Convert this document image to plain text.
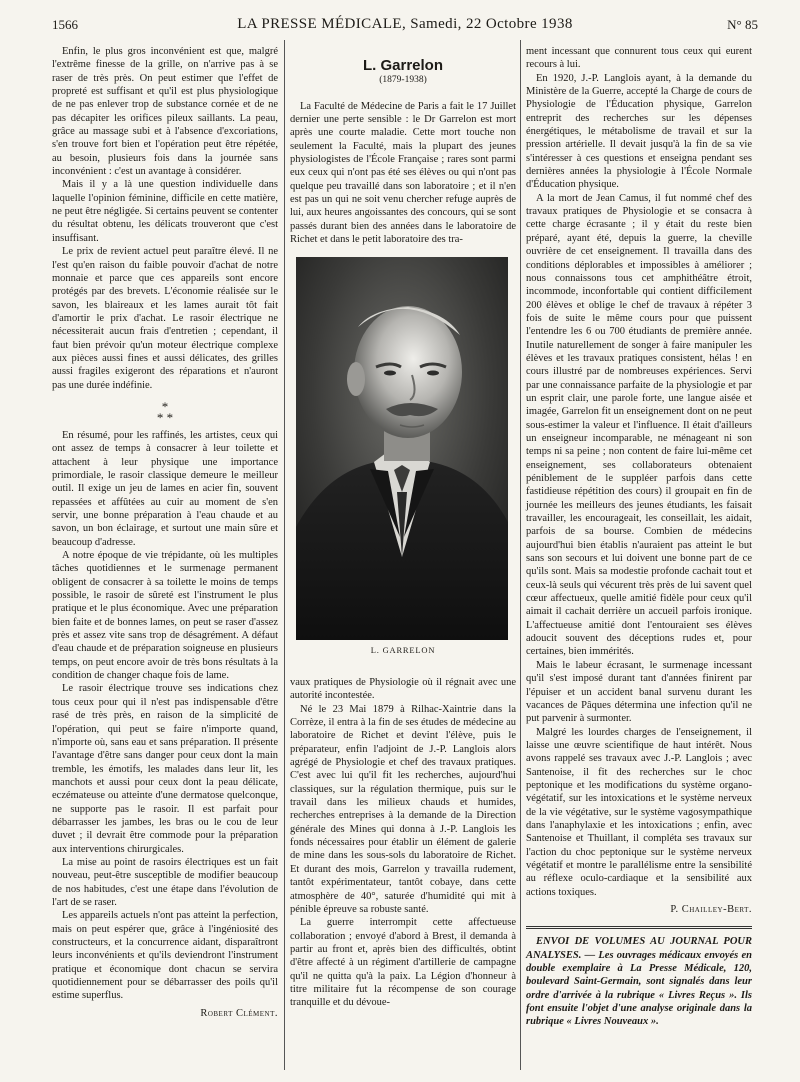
1566	LA PRESSE MÉDICALE, Samedi, 22 Octobre 1938	N° 85

Enfin, le plus gros inconvénient est que, malgré l'extrême finesse de la grille, on n'arrive pas à se raser de très près. On peut estimer que l'effet de propreté est suffisant et qu'il est plus physiologique de ne pas enlever trop de substance cornée et de ne pas décapiter les orifices pileux saillants. La peau, grâce au massage subi et à l'absence d'excoriations, s'en trouve fort bien et l'opération peut être répétée, au besoin, plusieurs fois dans la journée sans inconvénient : c'est un avantage à considérer.

Mais il y a là une question individuelle dans laquelle l'opinion féminine, difficile en cette matière, ne peut être négligée. Si certains peuvent se contenter du résultat obtenu, les délicats trouveront que c'est insuffisant.

Le prix de revient actuel peut paraître élevé. Il ne l'est qu'en raison du faible pouvoir d'achat de notre monnaie et parce que ces appareils sont encore protégés par des brevets. L'économie réalisée sur le savon, les blaireaux et les lames aurait tôt fait d'amortir le prix d'achat. Le rasoir électrique ne nécessiterait aucun frais d'entretien ; cependant, il faut bien prévoir qu'un moteur électrique complexe aux pièces aussi fines et aussi délicates, des grilles aussi fragiles exigeront des réparations et n'auront pas une durée indéfinie.

*
* *

En résumé, pour les raffinés, les artistes, ceux qui ont assez de temps à consacrer à leur toilette et attachent à leur physique une importance primordiale, le rasoir classique demeure le meilleur outil. Il exige un jeu de lames en acier fin, souvent repassées et affûtées au cuir au moment de s'en servir, une bonne préparation à l'eau chaude et au savon, un bon éclairage, et surtout une main sûre et beaucoup d'adresse.

A notre époque de vie trépidante, où les multiples tâches quotidiennes et le surmenage permanent obligent de consacrer à sa toilette le moins de temps possible, le rasoir de sûreté est l'instrument le plus pratique et le plus économique. Avec une préparation bien faite et de bonnes lames, on peut se raser d'assez près et assez vite sans trop de désagrément. A défaut d'eau chaude et de préparation soigneuse en plusieurs temps, on peut encore avoir de très bons résultats à la condition de changer chaque fois de lame.

Le rasoir électrique trouve ses indications chez tous ceux pour qui il n'est pas indispensable d'être rasé de très près, en raison de la simplicité de l'opération, qui peut se faire n'importe quand, n'importe où, sans eau et sans préparation. Il présente l'avantage d'être sans danger pour ceux dont la main tremble, les émotifs, les malades dans leur lit, les manchots et aussi pour ceux dont la peau délicate, eczémateuse ou atteinte d'une dermatose quelconque, ne supporte pas le rasoir. Il est parfait pour débarrasser les jambes, les bras ou le cou de leur duvet ; il devrait être commode pour la préparation aux interventions chirurgicales.

La mise au point de rasoirs électriques est un fait nouveau, peut-être susceptible de modifier beaucoup de nos habitudes, c'est une étape dans l'évolution de l'art de se raser.

Les appareils actuels n'ont pas atteint la perfection, mais on peut espérer que, grâce à l'ingéniosité des constructeurs, et la concurrence aidant, disparaîtront leurs inconvénients et qu'ils deviendront l'instrument pratique et économique dont chacun se servira quotidiennement pour se débarrasser des poils qu'il estime superflus.

Robert Clément.
L. Garrelon
(1879-1938)

La Faculté de Médecine de Paris a fait le 17 Juillet dernier une perte sensible : le Dr Garrelon est mort après une courte maladie. Cette mort touche non seulement la Faculté, mais la plupart des jeunes physiologistes de l'École Française ; rares sont parmi eux ceux qui n'ont pas été ses élèves ou qui n'ont pas quelque peu travaillé dans son laboratoire ; et il n'en est pas un qui ne soit venu chercher refuge auprès de lui, aux heures angoissantes des concours, qui se sont passés durant bien des années dans le laboratoire de Richet et dans le petit laboratoire des tra-

L. GARRELON

vaux pratiques de Physiologie où il régnait avec une autorité incontestée.

Né le 23 Mai 1879 à Rilhac-Xaintrie dans la Corrèze, il entra à la fin de ses études de médecine au laboratoire de Richet et devint l'élève, puis le préparateur, enfin l'adjoint de J.-P. Langlois alors agrégé de Physiologie et chef des travaux pratiques. C'est avec lui qu'il fit les recherches, aujourd'hui classiques, sur la régulation thermique, puis sur le travail dans les milieux chauds et humides, recherches entreprises à la demande de la Direction générale des Mines qui donna à J.-P. Langlois les fonds nécessaires pour établir un élément de galerie de mine dans les sous-sols du laboratoire de Richet. Et durant des mois, Garrelon y travailla rudement, tantôt expérimentateur, tantôt cobaye, dans cette atmosphère de 40°, saturée d'humidité qui mit à pénible épreuve sa robuste santé.

La guerre interrompit cette affectueuse collaboration ; envoyé d'abord à Brest, il demanda à partir au front et, après bien des difficultés, obtint d'être affecté à un régiment d'artillerie de campagne qu'il ne quitta qu'à la paix. La Légion d'honneur à titre militaire fut la récompense de son courage tranquille et du dévoue-

ment incessant que connurent tous ceux qui eurent recours à lui.

En 1920, J.-P. Langlois ayant, à la demande du Ministère de la Guerre, accepté la Charge de cours de Physiologie de l'Éducation physique, Garrelon entreprit des recherches sur les dépenses énergétiques, le métabolisme de travail et sur la pression artérielle. Il devait jusqu'à la fin de sa vie s'intéresser à ces questions et enseigna pendant ses dernières années la physiologie à l'École Normale d'Éducation physique.

A la mort de Jean Camus, il fut nommé chef des travaux pratiques de Physiologie et se consacra à cette charge écrasante ; il y était du reste bien préparé, ayant été, depuis la guerre, la cheville ouvrière de cet enseignement. Il travailla dans des conditions déplorables et impossibles à améliorer ; nous connaissons tous cet amphithéâtre étroit, incommode, inconfortable qui contient difficilement 200 élèves et oblige le chef de travaux à répéter 3 fois de suite le même cours pour que puissent l'entendre les 6 ou 700 étudiants de première année. Inutile naturellement de songer à faire manipuler les élèves et les travaux pratiques consistent, hélas ! en cours illustré par de nombreuses expériences. Servi par une connaissance parfaite de la physiologie et par un esprit clair, une parole forte, une langue aisée et imagée, Garrelon fit un enseignement dont on ne peut sous-estimer la valeur et l'influence. Il était d'ailleurs un enseigneur incomparable, ne ménageant ni son temps ni sa peine ; non content de faire lui-même cet enseignement, ses collaborateurs obtenaient péniblement de le suppléer parfois dans cette fastidieuse répétition des cours) il groupait en fin de journée les meilleurs des jeunes étudiants, les faisait travailler, les encourageait, les conseillait, les aidait, parfois de sa bourse. Combien de médecins aujourd'hui bien établis n'auraient pas atteint le but sans son secours et lui doivent une bonne part de ce qu'ils sont. Mais sa modestie profonde cachait tout et ceux-là seuls qui vécurent très près de lui savent quel cœur affectueux, quelle amitié fidèle pour ceux qu'il aimait il cachait derrière un accueil parfois ironique. L'affectueuse amitié dont l'entouraient ses élèves adoucit souvent des déceptions rudes et, pour certaines, bien immérités.

Mais le labeur écrasant, le surmenage incessant qu'il s'est imposé durant tant d'années finirent par l'épuiser et un accident banal survenu durant les vacances de Pâques détermina une infection qu'il ne put parvenir à surmonter.

Malgré les lourdes charges de l'enseignement, il laisse une œuvre scientifique de haut intérêt. Nous avons rappelé ses travaux avec J.-P. Langlois ; avec Santenoise, il fit des recherches sur le choc peptonique et les modifications du système organo-végétatif, sur les intoxications et le système nerveux de la vie végétative, sur le système vagosympathique dans l'anaphylaxie et les intoxications ; enfin, avec Santenoise et Thuillant, il compléta ses travaux sur l'action du choc peptonique sur le système nerveux végétatif et montre le parallélisme entre la sensibilité au réflexe oculo-cardiaque et la sensibilité aux actions toxiques.

P. Chailley-Bert.

ENVOI DE VOLUMES AU JOURNAL POUR ANALYSES. — Les ouvrages médicaux envoyés en double exemplaire à La Presse Médicale, 120, boulevard Saint-Germain, sont signalés dans leur ordre d'arrivée à la rubrique « Livres Reçus ». Ils font ensuite l'objet d'une analyse originale dans la rubrique « Livres Nouveaux ».
